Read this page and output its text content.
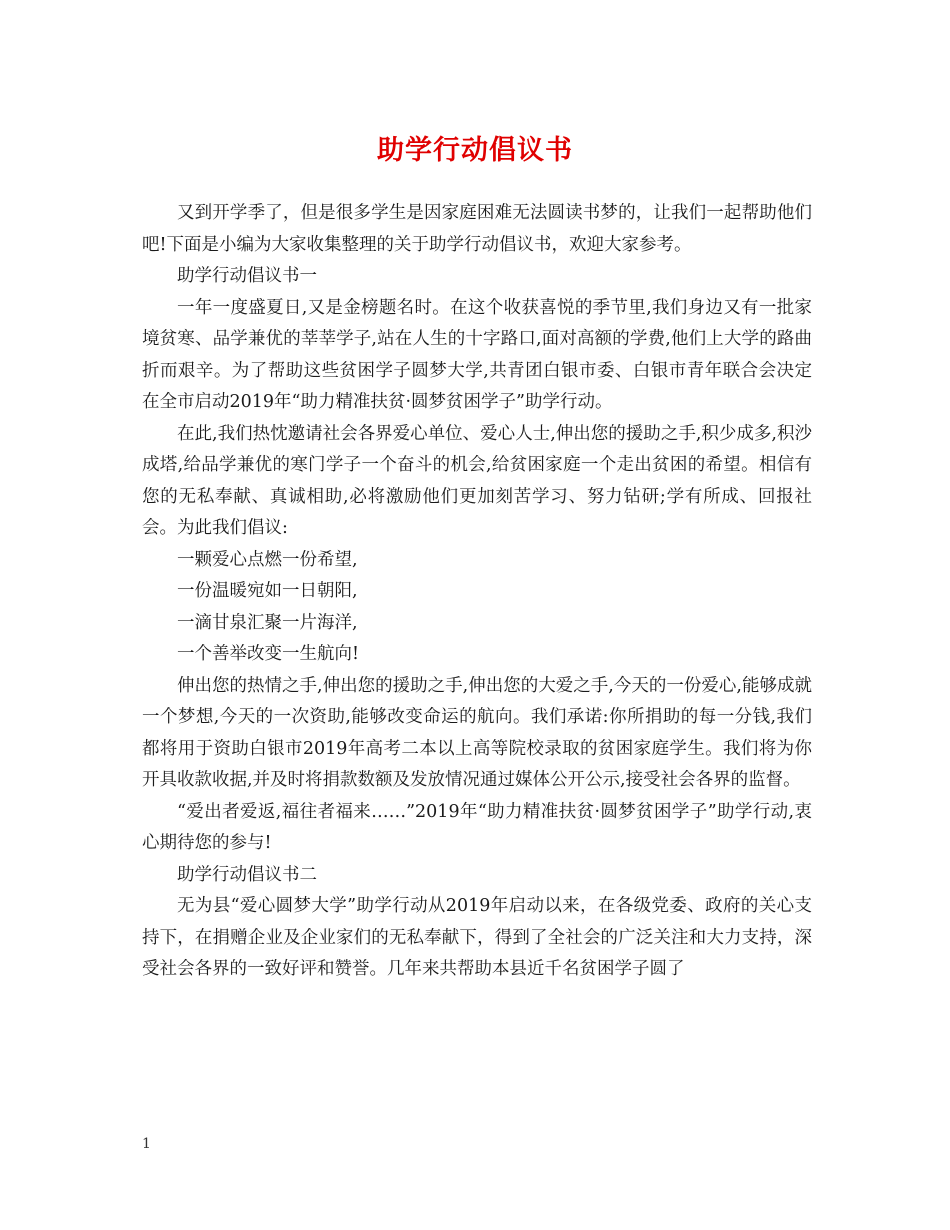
助学行动倡议书

又到开学季了，但是很多学生是因家庭困难无法圆读书梦的，让我们一起帮助他们吧!下面是小编为大家收集整理的关于助学行动倡议书，欢迎大家参考。

助学行动倡议书一

一年一度盛夏日,又是金榜题名时。在这个收获喜悦的季节里,我们身边又有一批家境贫寒、品学兼优的莘莘学子,站在人生的十字路口,面对高额的学费,他们上大学的路曲折而艰辛。为了帮助这些贫困学子圆梦大学,共青团白银市委、白银市青年联合会决定在全市启动2019年“助力精准扶贫·圆梦贫困学子”助学行动。

在此,我们热忱邀请社会各界爱心单位、爱心人士,伸出您的援助之手,积少成多,积沙成塔,给品学兼优的寒门学子一个奋斗的机会,给贫困家庭一个走出贫困的希望。相信有您的无私奉献、真诚相助,必将激励他们更加刻苦学习、努力钻研;学有所成、回报社会。为此我们倡议:

一颗爱心点燃一份希望,

一份温暖宛如一日朝阳,

一滴甘泉汇聚一片海洋,

一个善举改变一生航向!

伸出您的热情之手,伸出您的援助之手,伸出您的大爱之手,今天的一份爱心,能够成就一个梦想,今天的一次资助,能够改变命运的航向。我们承诺:你所捐助的每一分钱,我们都将用于资助白银市2019年高考二本以上高等院校录取的贫困家庭学生。我们将为你开具收款收据,并及时将捐款数额及发放情况通过媒体公开公示,接受社会各界的监督。

“爱出者爱返,福往者福来……”2019年“助力精准扶贫·圆梦贫困学子”助学行动,衷心期待您的参与!

助学行动倡议书二

无为县“爱心圆梦大学”助学行动从2019年启动以来，在各级党委、政府的关心支持下，在捐赠企业及企业家们的无私奉献下，得到了全社会的广泛关注和大力支持，深受社会各界的一致好评和赞誉。几年来共帮助本县近千名贫困学子圆了

1
